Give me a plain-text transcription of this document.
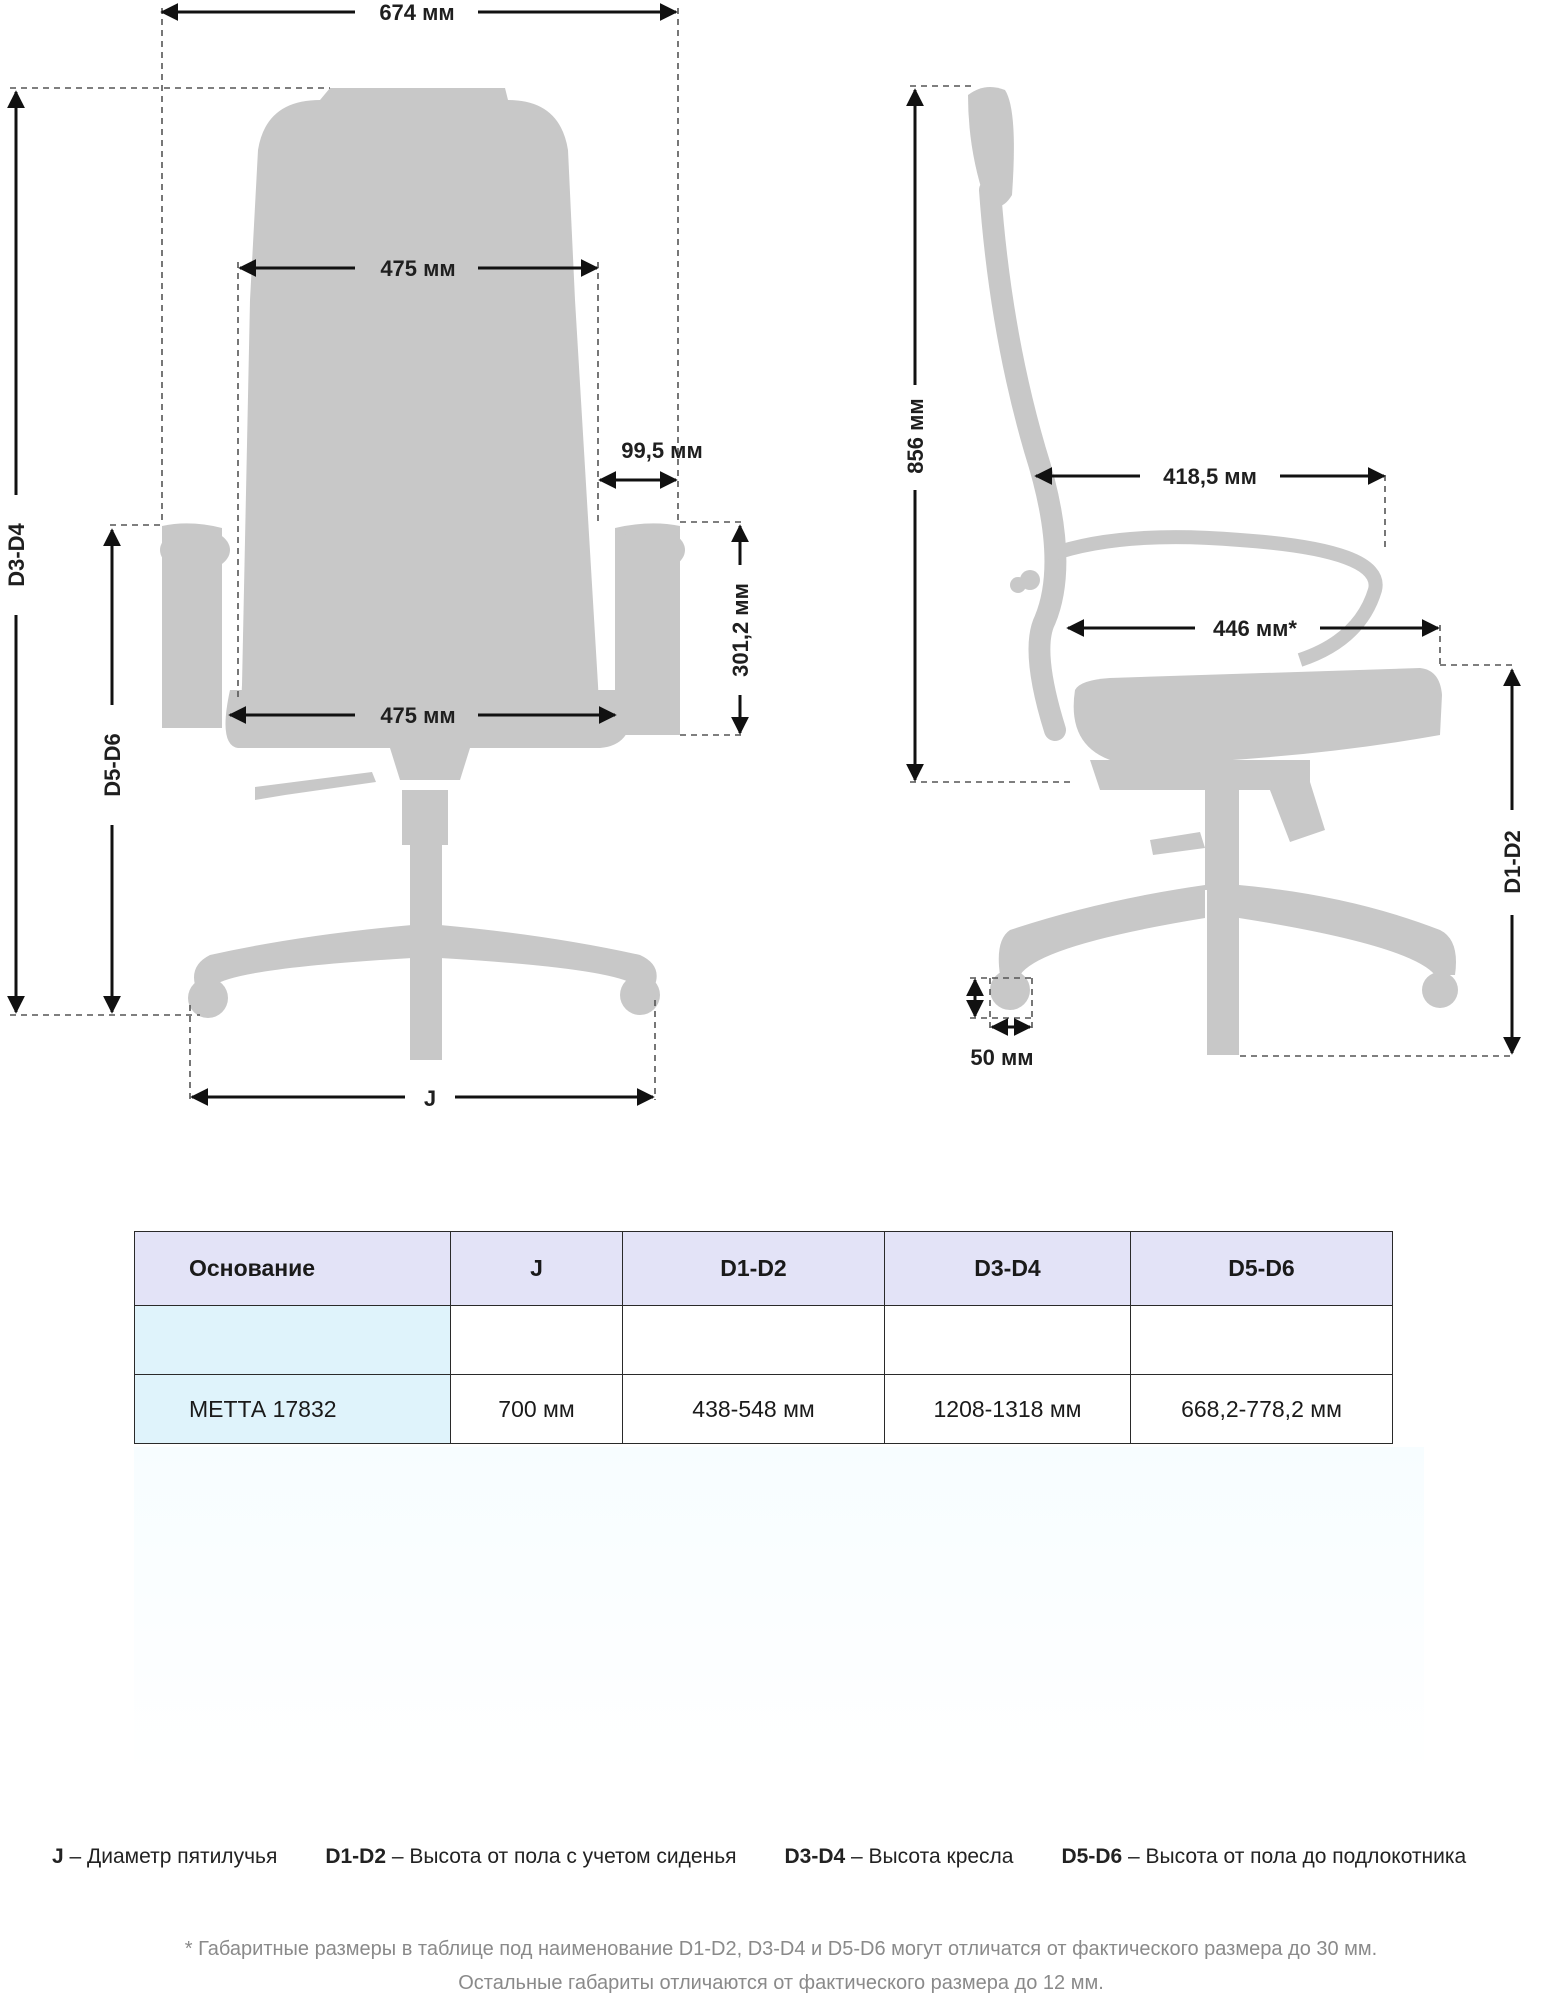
674 мм
475 мм
99,5 мм
301,2 мм
475 мм
D3-D4
D5-D6
J
856 мм
418,5 мм
446 мм*
D1-D2
50 мм
Основание	J	D1-D2	D3-D4	D5-D6

МЕТТА 17832	700 мм	438-548 мм	1208-1318 мм	668,2-778,2 мм
J – Диаметр пятилучья D1-D2 – Высота от пола с учетом сиденья D3-D4 – Высота кресла D5-D6 – Высота от пола до подлокотника
* Габаритные размеры в таблице под наименование D1-D2, D3-D4 и D5-D6 могут отличатся от фактического размера до 30 мм.
Остальные габариты отличаются от фактического размера до 12 мм.
